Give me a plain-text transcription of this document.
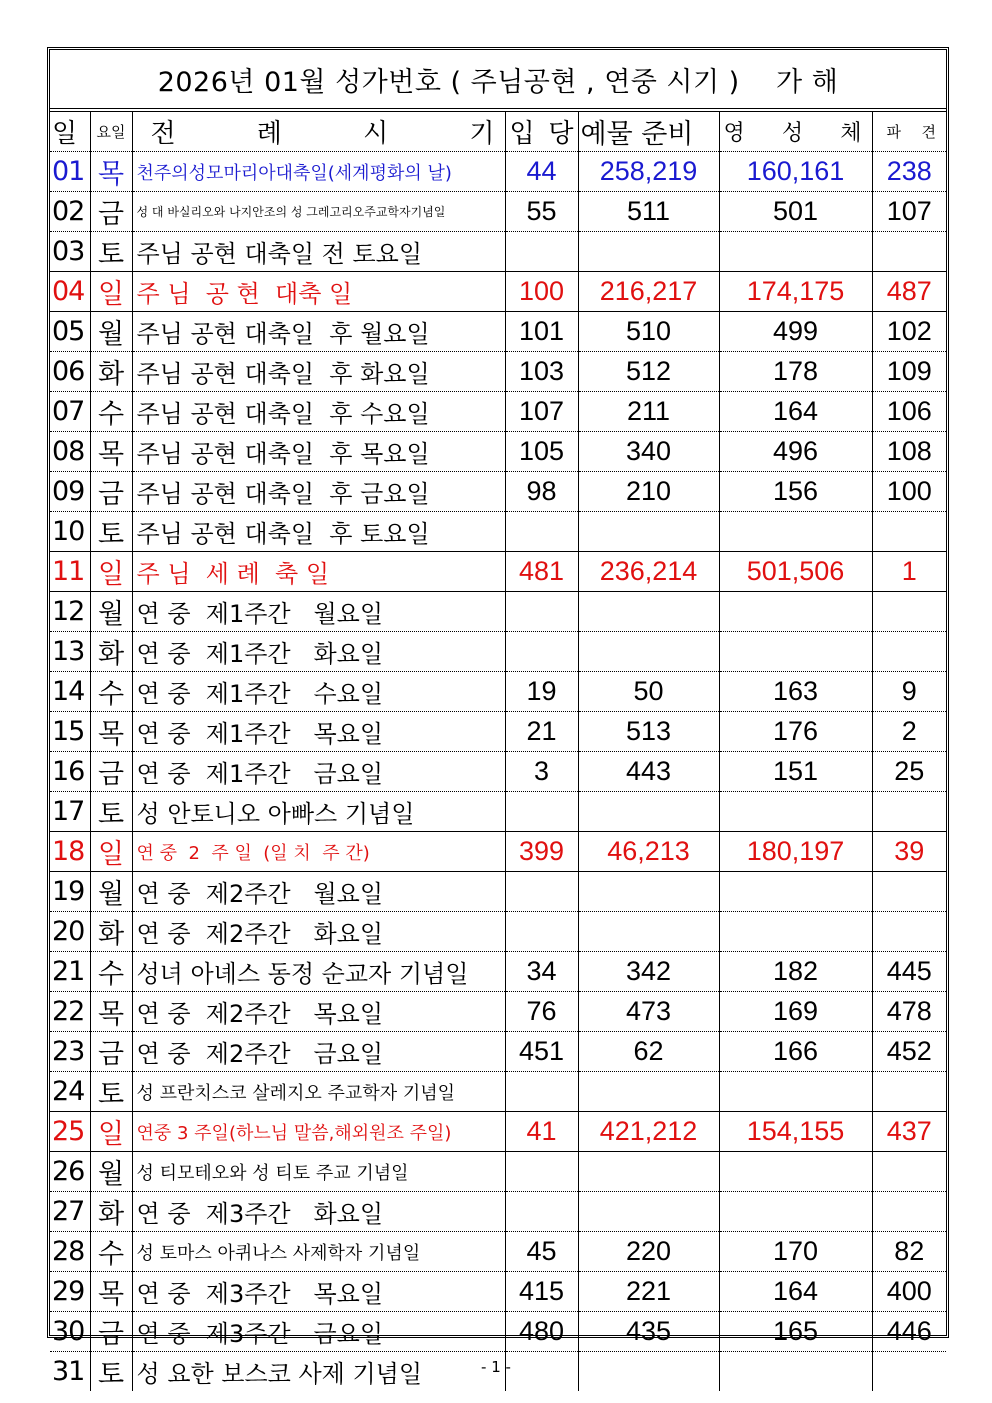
2026년 01월 성가번호 ( 주님공현 , 연중 시기 )    가 해
일	요일	전 례 시 기	입 당	예물 준비	영 성 체	파 견

01	목	천주의성모마리아대축일(세계평화의 날)	44	258,219	160,161	238
02	금	성 대 바실리오와 나지안조의 성 그레고리오주교학자기념일	55	511	501	107
03	토	주님 공현 대축일 전 토요일				
04	일	주 님  공 현  대축 일	100	216,217	174,175	487
05	월	주님 공현 대축일  후 월요일	101	510	499	102
06	화	주님 공현 대축일  후 화요일	103	512	178	109
07	수	주님 공현 대축일  후 수요일	107	211	164	106
08	목	주님 공현 대축일  후 목요일	105	340	496	108
09	금	주님 공현 대축일  후 금요일	98	210	156	100
10	토	주님 공현 대축일  후 토요일				
11	일	주 님  세 례  축 일	481	236,214	501,506	1
12	월	연 중  제1주간   월요일				
13	화	연 중  제1주간   화요일				
14	수	연 중  제1주간   수요일	19	50	163	9
15	목	연 중  제1주간   목요일	21	513	176	2
16	금	연 중  제1주간   금요일	3	443	151	25
17	토	성 안토니오 아빠스 기념일				
18	일	연 중  2  주 일  (일 치  주 간)	399	46,213	180,197	39
19	월	연 중  제2주간   월요일				
20	화	연 중  제2주간   화요일				
21	수	성녀 아녜스 동정 순교자 기념일	34	342	182	445
22	목	연 중  제2주간   목요일	76	473	169	478
23	금	연 중  제2주간   금요일	451	62	166	452
24	토	성 프란치스코 살레지오 주교학자 기념일				
25	일	연중 3 주일(하느님 말씀,해외원조 주일)	41	421,212	154,155	437
26	월	성 티모테오와 성 티토 주교 기념일				
27	화	연 중  제3주간   화요일				
28	수	성 토마스 아퀴나스 사제학자 기념일	45	220	170	82
29	목	연 중  제3주간   목요일	415	221	164	400
30	금	연 중  제3주간   금요일	480	435	165	446
31	토	성 요한 보스코 사제 기념일					- 1 -
